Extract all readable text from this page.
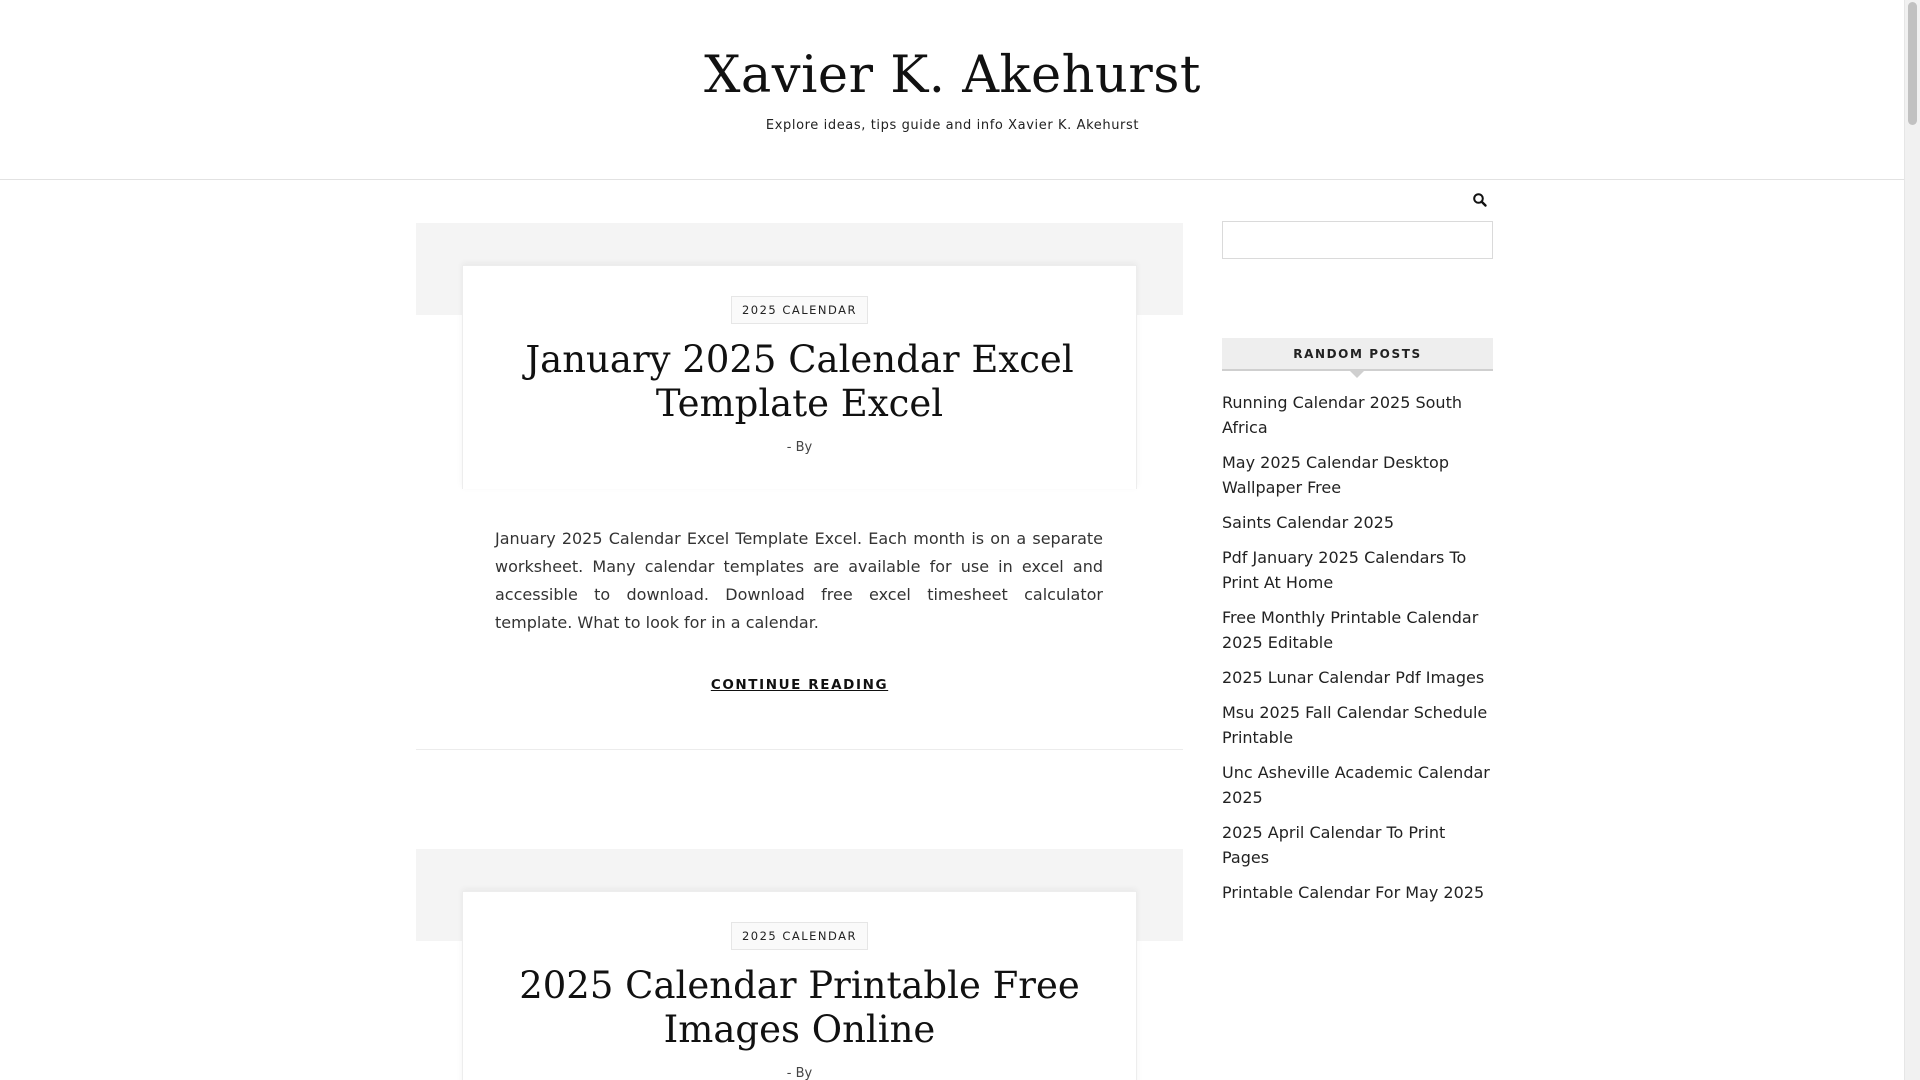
Xavier K. Akehurst
Explore ideas, tips guide and info Xavier K. Akehurst
2025 CALENDAR
January 2025 Calendar Excel Template Excel
- By

January 2025 Calendar Excel Template Excel. Each month is on a separate worksheet. Many calendar templates are available for use in excel and accessible to download. Download free excel timesheet calculator template. What to look for in a calendar.

CONTINUE READING
2025 CALENDAR
2025 Calendar Printable Free Images Online
- By
RANDOM POSTS
Running Calendar 2025 South Africa
May 2025 Calendar Desktop Wallpaper Free
Saints Calendar 2025
Pdf January 2025 Calendars To Print At Home
Free Monthly Printable Calendar 2025 Editable
2025 Lunar Calendar Pdf Images
Msu 2025 Fall Calendar Schedule Printable
Unc Asheville Academic Calendar 2025
2025 April Calendar To Print Pages
Printable Calendar For May 2025
